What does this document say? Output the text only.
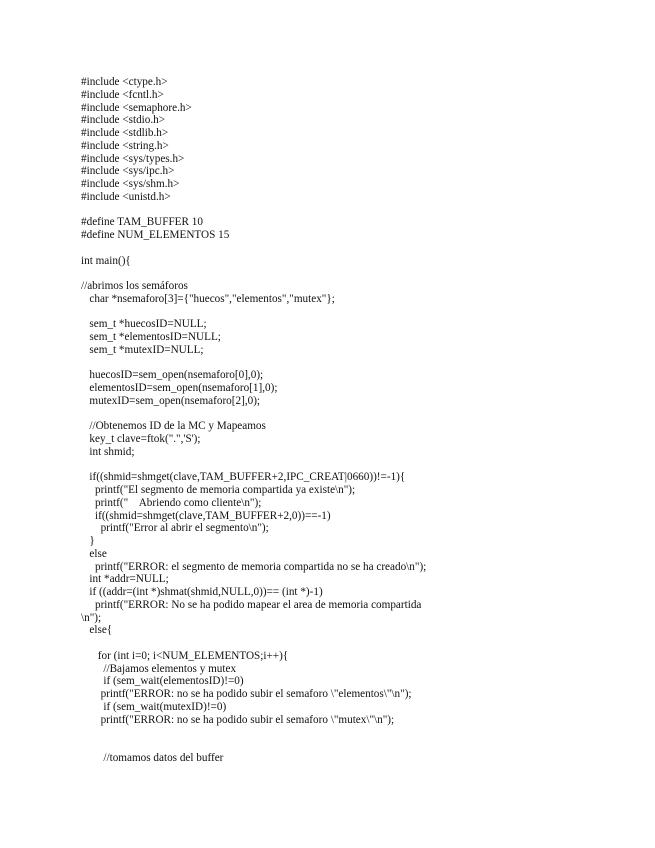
#include <ctype.h>
#include <fcntl.h>
#include <semaphore.h>
#include <stdio.h>
#include <stdlib.h>
#include <string.h>
#include <sys/types.h>
#include <sys/ipc.h>
#include <sys/shm.h>
#include <unistd.h>
#define TAM_BUFFER 10
#define NUM_ELEMENTOS 15
int main(){
//abrimos los semáforos
char *nsemaforo[3]={"huecos","elementos","mutex"};
sem_t *huecosID=NULL;
sem_t *elementosID=NULL;
sem_t *mutexID=NULL;
huecosID=sem_open(nsemaforo[0],0);
elementosID=sem_open(nsemaforo[1],0);
mutexID=sem_open(nsemaforo[2],0);
//Obtenemos ID de la MC y Mapeamos
key_t clave=ftok(".",'S');
int shmid;
if((shmid=shmget(clave,TAM_BUFFER+2,IPC_CREAT|0660))!=-1){
printf("El segmento de memoria compartida ya existe\n");
printf("    Abriendo como cliente\n");
if((shmid=shmget(clave,TAM_BUFFER+2,0))==-1)
printf("Error al abrir el segmento\n");
}
else
printf("ERROR: el segmento de memoria compartida no se ha creado\n");
int *addr=NULL;
if ((addr=(int *)shmat(shmid,NULL,0))== (int *)-1)
printf("ERROR: No se ha podido mapear el area de memoria compartida
\n");
else{
for (int i=0; i<NUM_ELEMENTOS;i++){
//Bajamos elementos y mutex
if (sem_wait(elementosID)!=0)
printf("ERROR: no se ha podido subir el semaforo \"elementos\"\n");
if (sem_wait(mutexID)!=0)
printf("ERROR: no se ha podido subir el semaforo \"mutex\"\n");
//tomamos datos del buffer
